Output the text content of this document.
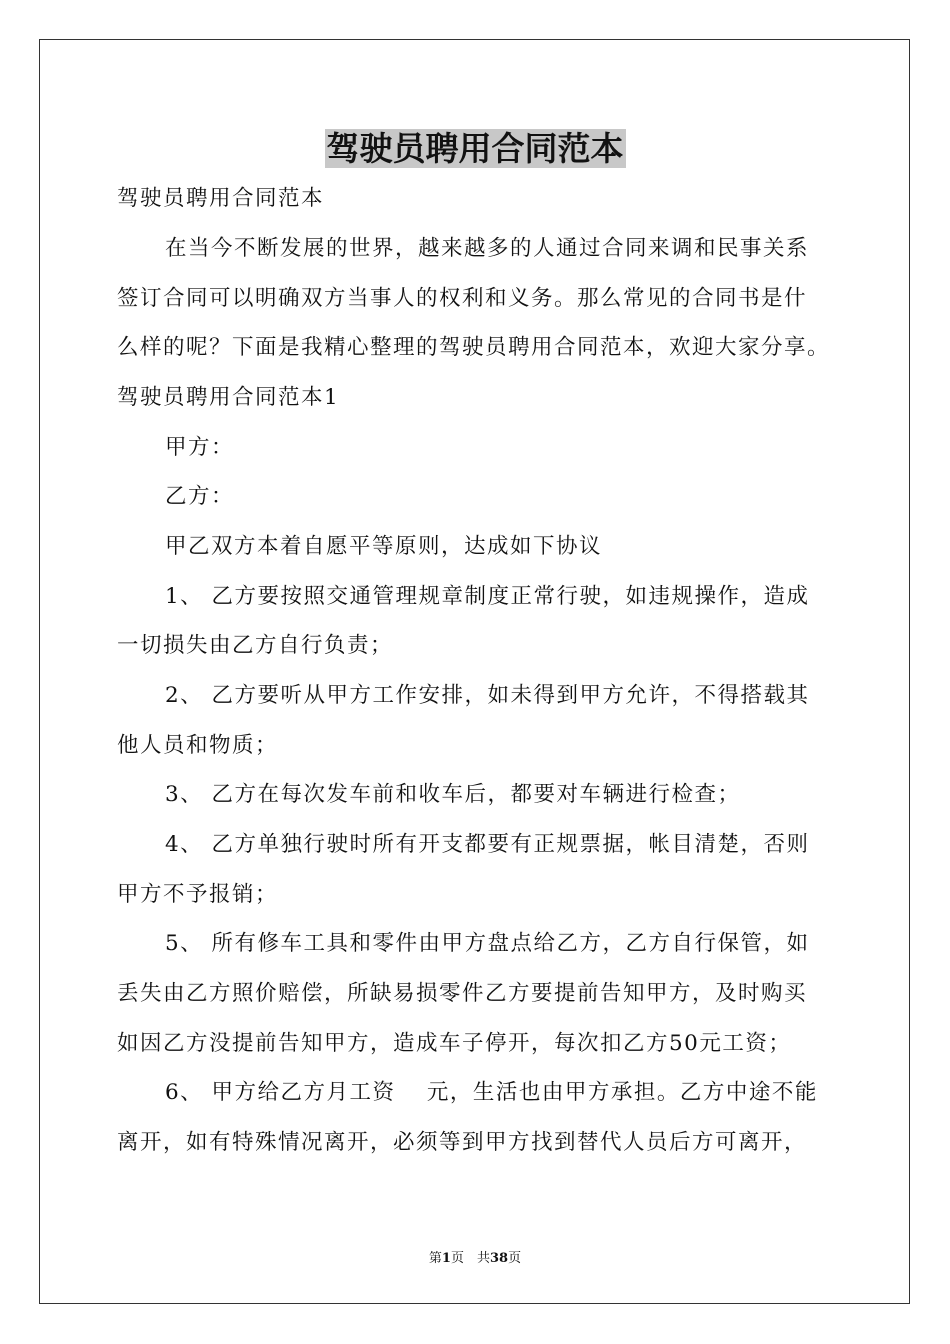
驾驶员聘用合同范本
驾驶员聘用合同范本
在当今不断发展的世界，越来越多的人通过合同来调和民事关系
签订合同可以明确双方当事人的权利和义务。那么常见的合同书是什
么样的呢？下面是我精心整理的驾驶员聘用合同范本，欢迎大家分享。
驾驶员聘用合同范本1
甲方：
乙方：
甲乙双方本着自愿平等原则，达成如下协议
1、 乙方要按照交通管理规章制度正常行驶，如违规操作，造成
一切损失由乙方自行负责；
2、 乙方要听从甲方工作安排，如未得到甲方允许，不得搭载其
他人员和物质；
3、 乙方在每次发车前和收车后，都要对车辆进行检查；
4、 乙方单独行驶时所有开支都要有正规票据，帐目清楚，否则
甲方不予报销；
5、 所有修车工具和零件由甲方盘点给乙方，乙方自行保管，如
丢失由乙方照价赔偿，所缺易损零件乙方要提前告知甲方，及时购买
如因乙方没提前告知甲方，造成车子停开，每次扣乙方50元工资；
6、 甲方给乙方月工资　 元，生活也由甲方承担。乙方中途不能
离开，如有特殊情况离开，必须等到甲方找到替代人员后方可离开，
第1页　共38页
